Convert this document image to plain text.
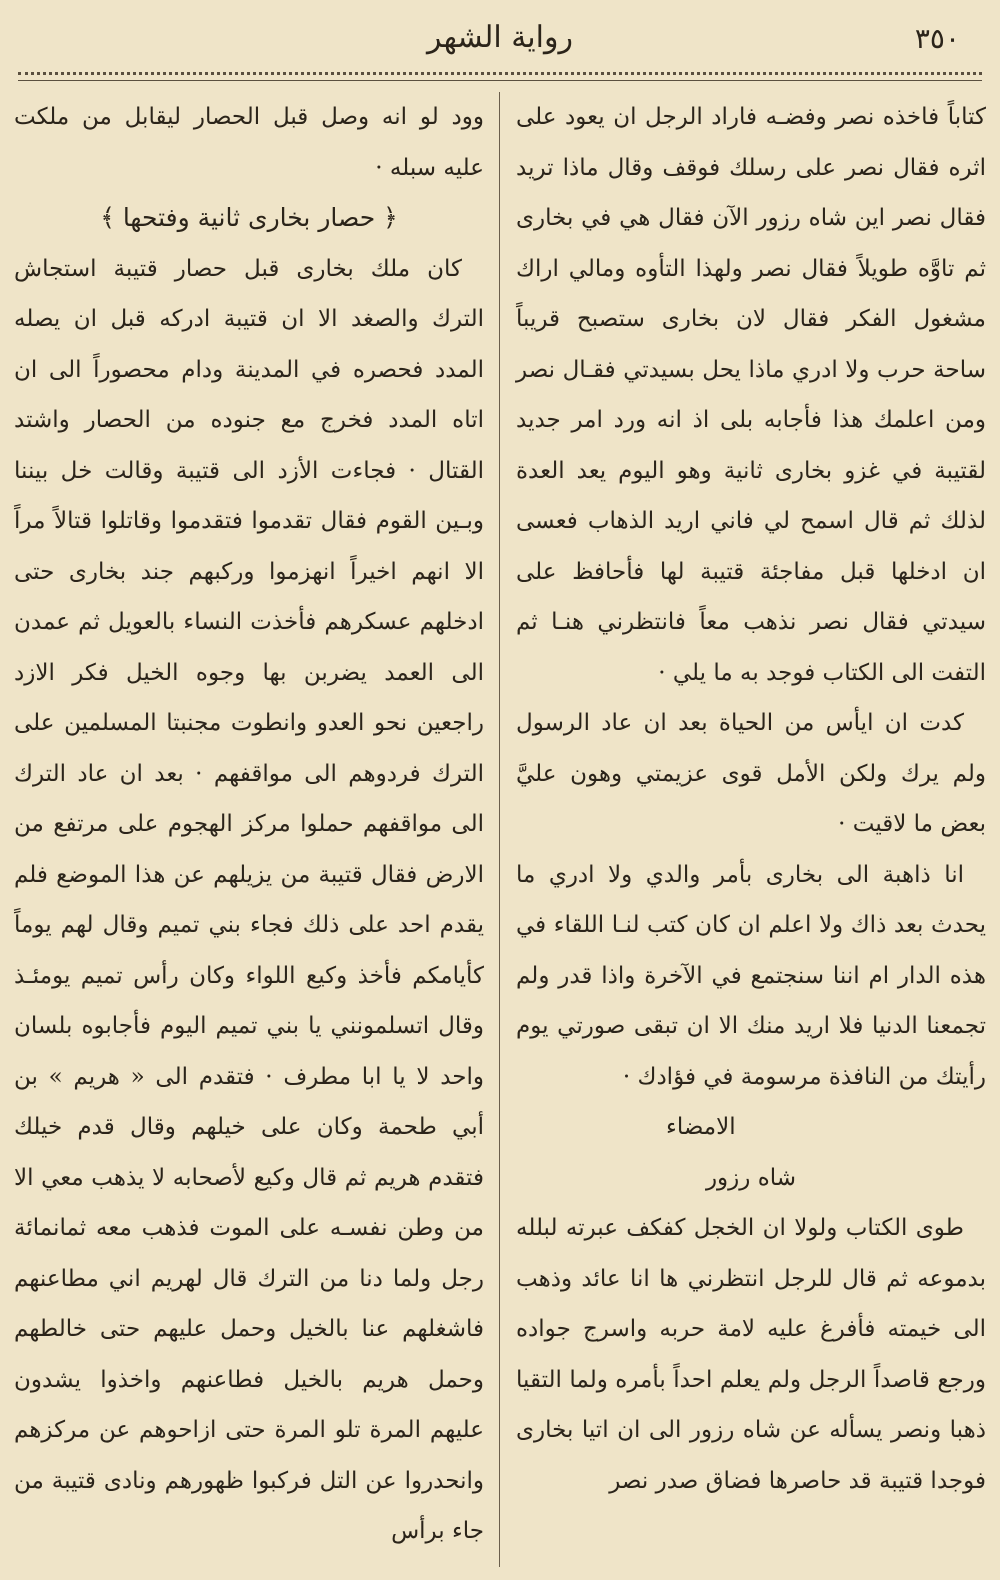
٣٥٠
رواية الشهر

كتاباً فاخذه نصر وفضـه فاراد الرجل ان يعود على اثره فقال نصر على رسلك فوقف وقال ماذا تريد فقال نصر اين شاه رزور الآن فقال هي في بخارى ثم تاوَّه طويلاً فقال نصر ولهذا التأوه ومالي اراك مشغول الفكر فقال لان بخارى ستصبح قريباً ساحة حرب ولا ادري ماذا يحل بسيدتي فقـال نصر ومن اعلمك هذا فأجابه بلى اذ انه ورد امر جديد لقتيبة في غزو بخارى ثانية وهو اليوم يعد العدة لذلك ثم قال اسمح لي فاني اريد الذهاب فعسى ان ادخلها قبل مفاجئة قتيبة لها فأحافظ على سيدتي فقال نصر نذهب معاً فانتظرني هنـا ثم التفت الى الكتاب فوجد به ما يلي ·

كدت ان ايأس من الحياة بعد ان عاد الرسول ولم يرك ولكن الأمل قوى عزيمتي وهون عليَّ بعض ما لاقيت ·

انا ذاهبة الى بخارى بأمر والدي ولا ادري ما يحدث بعد ذاك ولا اعلم ان كان كتب لنـا اللقاء في هذه الدار ام اننا سنجتمع في الآخرة واذا قدر ولم تجمعنا الدنيا فلا اريد منك الا ان تبقى صورتي يوم رأيتك من النافذة مرسومة في فؤادك ·

الامضاء

شاه رزور

طوى الكتاب ولولا ان الخجل كفكف عبرته لبلله بدموعه ثم قال للرجل انتظرني ها انا عائد وذهب الى خيمته فأفرغ عليه لامة حربه واسرج جواده ورجع قاصداً الرجل ولم يعلم احداً بأمره ولما التقيا ذهبا ونصر يسأله عن شاه رزور الى ان اتيا بخارى فوجدا قتيبة قد حاصرها فضاق صدر نصر

وود لو انه وصل قبل الحصار ليقابل من ملكت عليه سبله ·

﴿ حصار بخارى ثانية وفتحها ﴾

كان ملك بخارى قبل حصار قتيبة استجاش الترك والصغد الا ان قتيبة ادركه قبل ان يصله المدد فحصره في المدينة ودام محصوراً الى ان اتاه المدد فخرج مع جنوده من الحصار واشتد القتال · فجاءت الأزد الى قتيبة وقالت خل بيننا وبـين القوم فقال تقدموا فتقدموا وقاتلوا قتالاً مراً الا انهم اخيراً انهزموا وركبهم جند بخارى حتى ادخلهم عسكرهم فأخذت النساء بالعويل ثم عمدن الى العمد يضربن بها وجوه الخيل فكر الازد راجعين نحو العدو وانطوت مجنبتا المسلمين على الترك فردوهم الى مواقفهم · بعد ان عاد الترك الى مواقفهم حملوا مركز الهجوم على مرتفع من الارض فقال قتيبة من يزيلهم عن هذا الموضع فلم يقدم احد على ذلك فجاء بني تميم وقال لهم يوماً كأيامكم فأخذ وكيع اللواء وكان رأس تميم يومئـذ وقال اتسلمونني يا بني تميم اليوم فأجابوه بلسان واحد لا يا ابا مطرف · فتقدم الى « هريم » بن أبي طحمة وكان على خيلهم وقال قدم خيلك فتقدم هريم ثم قال وكيع لأصحابه لا يذهب معي الا من وطن نفسـه على الموت فذهب معه ثمانمائة رجل ولما دنا من الترك قال لهريم اني مطاعنهم فاشغلهم عنا بالخيل وحمل عليهم حتى خالطهم وحمل هريم بالخيل فطاعنهم واخذوا يشدون عليهم المرة تلو المرة حتى ازاحوهم عن مركزهم وانحدروا عن التل فركبوا ظهورهم ونادى قتيبة من جاء برأس
